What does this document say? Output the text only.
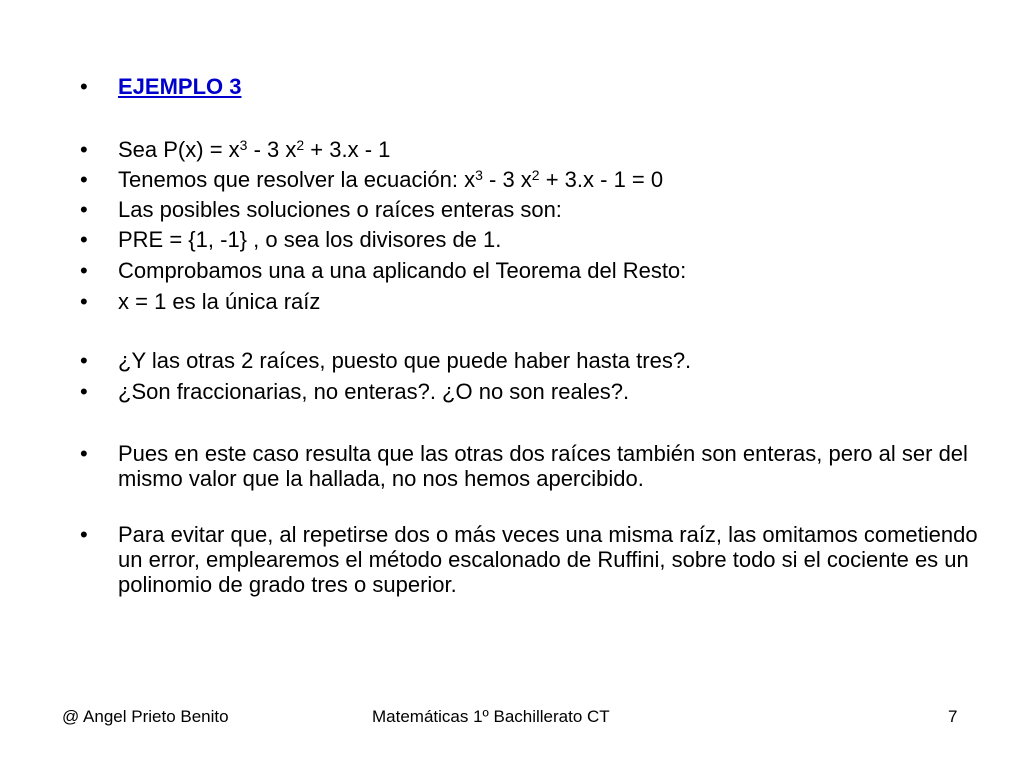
•	EJEMPLO 3
•	Sea $P(x) = x^3 - 3$ $x^2 + 3.x - 1$
•	Tenemos que resolver la ecuación: $x^3 - 3$ $x^2 + 3.x - 1 = 0$
•	Las posibles soluciones o raíces enteras son:
•	PRE = {1, -1} , o sea los divisores de 1.
•	Comprobamos una a una aplicando el Teorema del Resto:
•	x = 1 es la única raíz
•	¿Y las otras 2 raíces, puesto que puede haber hasta tres?.
•	¿Son fraccionarias, no enteras?. ¿O no son reales?.
•	Pues en este caso resulta que las otras dos raíces también son enteras, pero al ser del mismo valor que la hallada, no nos hemos apercibido.
•	Para evitar que, al repetirse dos o más veces una misma raíz, las omitamos cometiendo un error, emplearemos el método escalonado de Ruffini, sobre todo si el cociente es un polinomio de grado tres o superior.
@ Angel Prieto Benito	Matemáticas 1º Bachillerato CT	7
